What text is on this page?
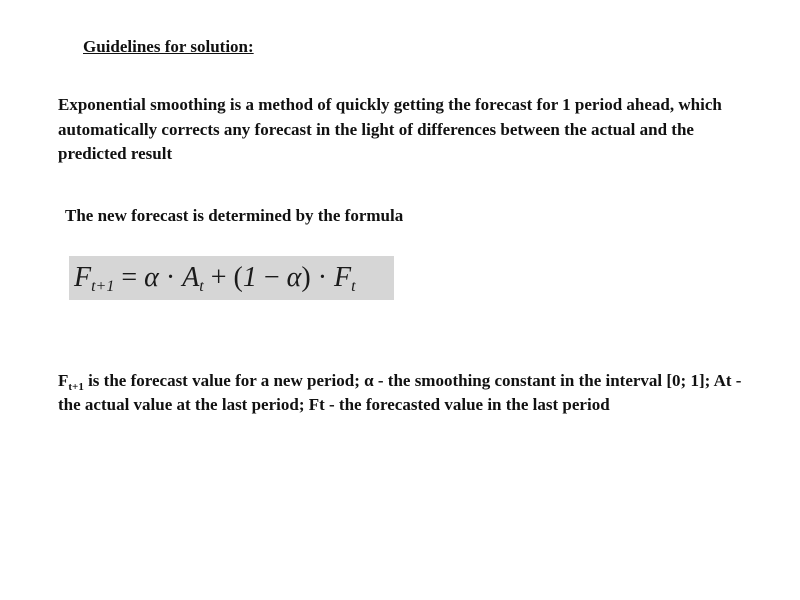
Guidelines for solution:
Exponential smoothing is a method of quickly getting the forecast for 1 period ahead, which automatically corrects any forecast in the light of differences between the actual and the predicted result
The new forecast is determined by the formula
$F_{t+1} = \alpha \cdot A_t + (1 - \alpha) \cdot F_t$
$F_{t+1}$ is the forecast value for a new period; α - the smoothing constant in the interval [0; 1]; At - the actual value at the last period; Ft - the forecasted value in the last period
